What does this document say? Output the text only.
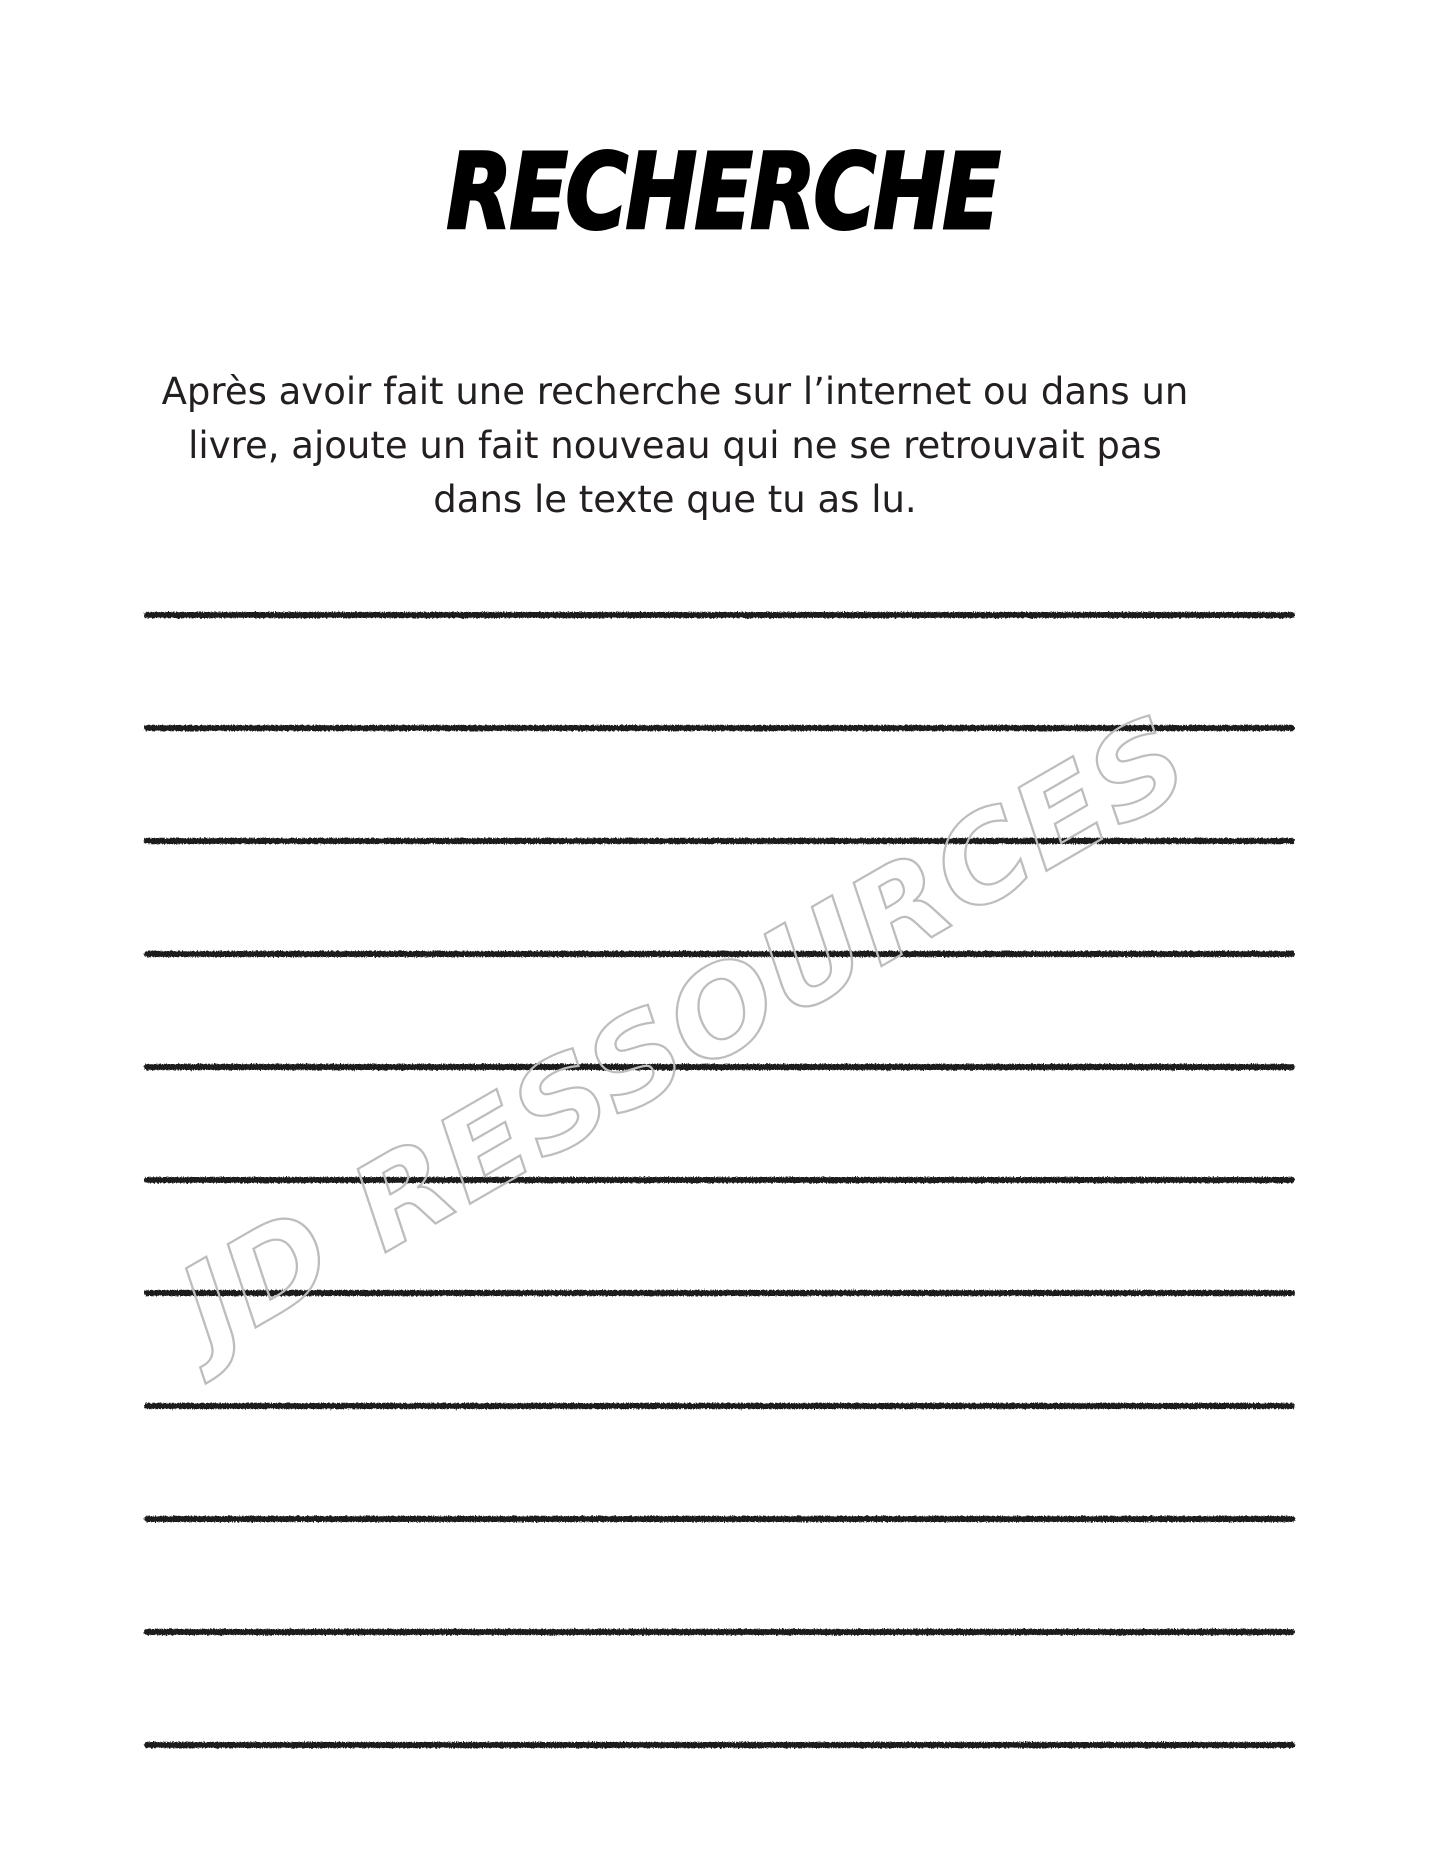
RECHERCHE
Après avoir fait une recherche sur l’internet ou dans un
livre, ajoute un fait nouveau qui ne se retrouvait pas
dans le texte que tu as lu.
JD RESSOURCES
